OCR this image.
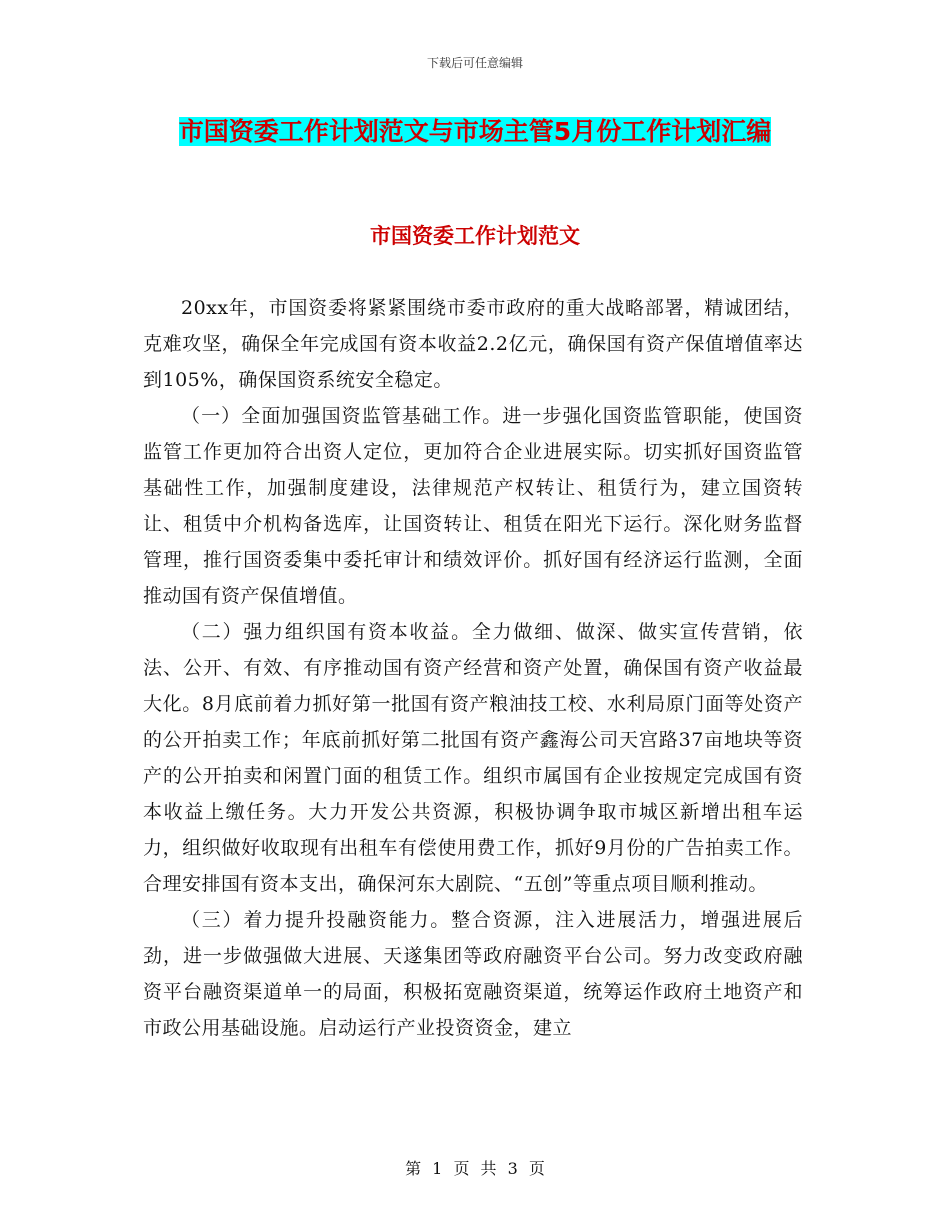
下载后可任意编辑
市国资委工作计划范文与市场主管5月份工作计划汇编
市国资委工作计划范文

20xx年，市国资委将紧紧围绕市委市政府的重大战略部署，精诚团结，克难攻坚，确保全年完成国有资本收益2.2亿元，确保国有资产保值增值率达到105%，确保国资系统安全稳定。

（一）全面加强国资监管基础工作。进一步强化国资监管职能，使国资监管工作更加符合出资人定位，更加符合企业进展实际。切实抓好国资监管基础性工作，加强制度建设，法律规范产权转让、租赁行为，建立国资转让、租赁中介机构备选库，让国资转让、租赁在阳光下运行。深化财务监督管理，推行国资委集中委托审计和绩效评价。抓好国有经济运行监测，全面推动国有资产保值增值。

（二）强力组织国有资本收益。全力做细、做深、做实宣传营销，依法、公开、有效、有序推动国有资产经营和资产处置，确保国有资产收益最大化。8月底前着力抓好第一批国有资产粮油技工校、水利局原门面等处资产的公开拍卖工作；年底前抓好第二批国有资产鑫海公司天宫路37亩地块等资产的公开拍卖和闲置门面的租赁工作。组织市属国有企业按规定完成国有资本收益上缴任务。大力开发公共资源，积极协调争取市城区新增出租车运力，组织做好收取现有出租车有偿使用费工作，抓好9月份的广告拍卖工作。合理安排国有资本支出，确保河东大剧院、“五创”等重点项目顺利推动。

（三）着力提升投融资能力。整合资源，注入进展活力，增强进展后劲，进一步做强做大进展、天遂集团等政府融资平台公司。努力改变政府融资平台融资渠道单一的局面，积极拓宽融资渠道，统筹运作政府土地资产和市政公用基础设施。启动运行产业投资资金，建立

第 1 页 共 3 页
